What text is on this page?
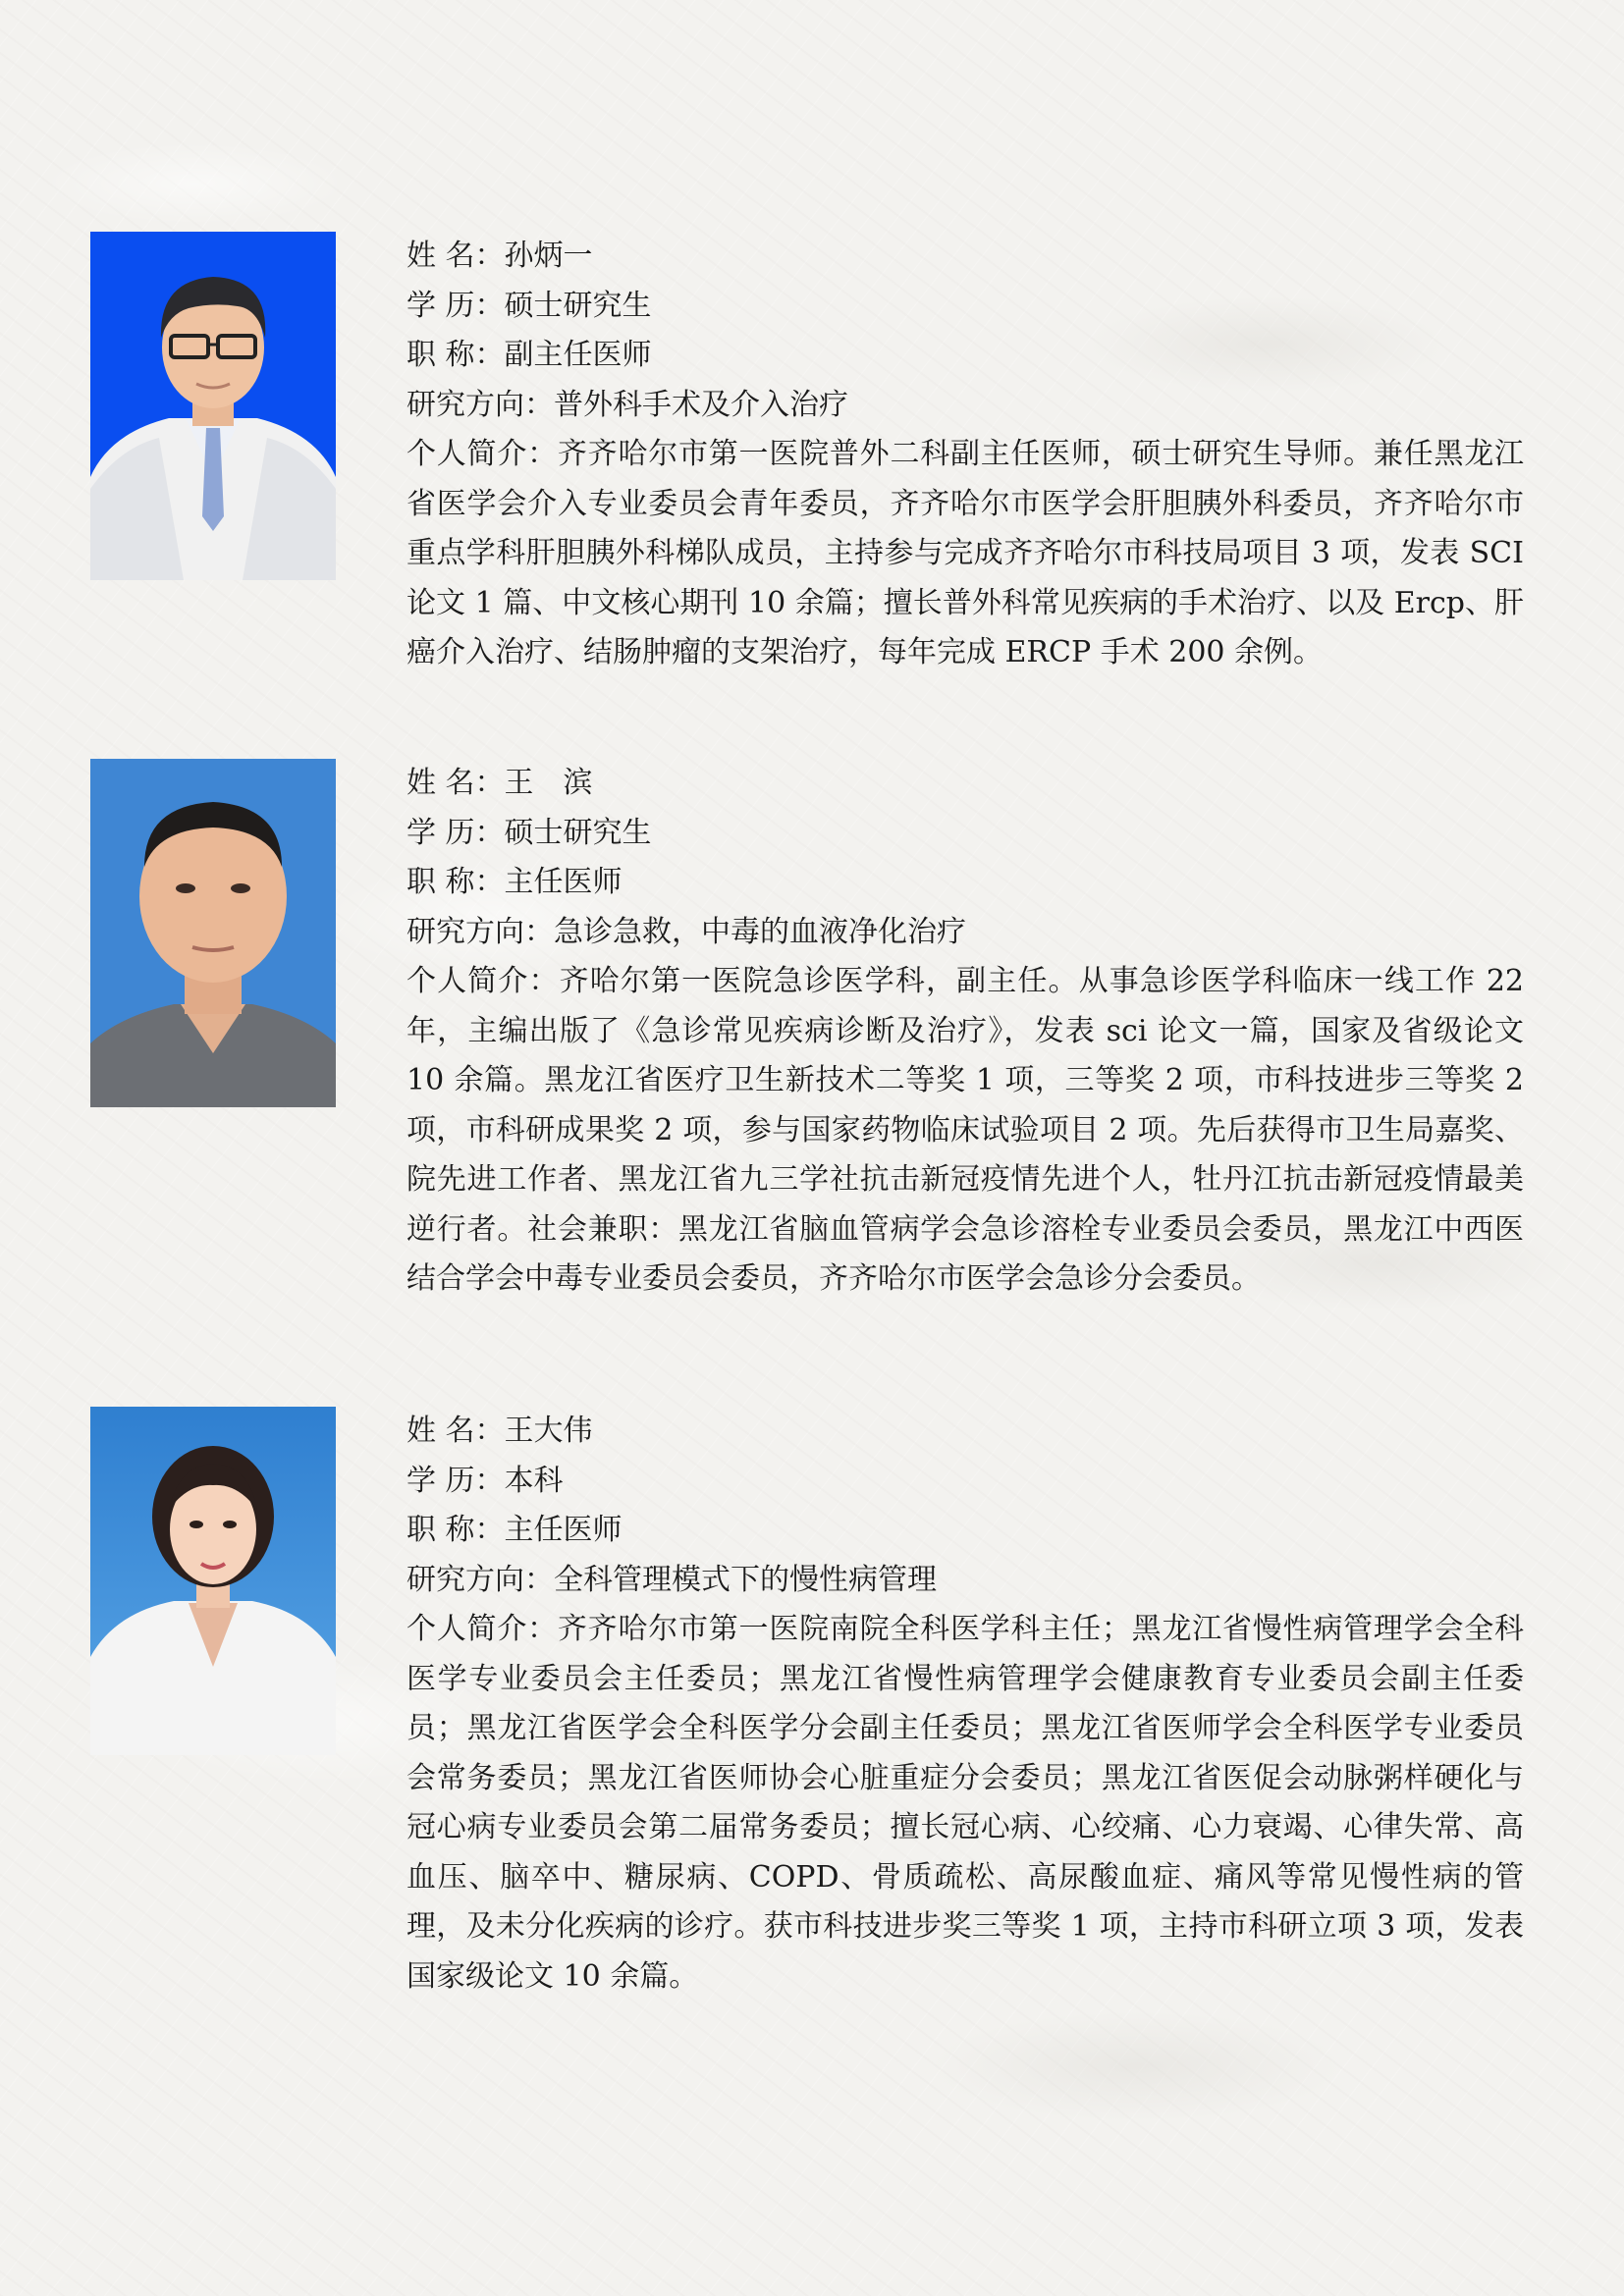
姓 名：孙炳一
学 历：硕士研究生
职 称：副主任医师
研究方向：普外科手术及介入治疗
个人简介：齐齐哈尔市第一医院普外二科副主任医师，硕士研究生导师。兼任黑龙江省医学会介入专业委员会青年委员，齐齐哈尔市医学会肝胆胰外科委员，齐齐哈尔市重点学科肝胆胰外科梯队成员，主持参与完成齐齐哈尔市科技局项目 3 项，发表 SCI 论文 1 篇、中文核心期刊 10 余篇；擅长普外科常见疾病的手术治疗、以及 Ercp、肝癌介入治疗、结肠肿瘤的支架治疗，每年完成 ERCP 手术 200 余例。
姓 名：王　滨
学 历：硕士研究生
职 称：主任医师
研究方向：急诊急救，中毒的血液净化治疗
个人简介：齐哈尔第一医院急诊医学科，副主任。从事急诊医学科临床一线工作 22 年，主编出版了《急诊常见疾病诊断及治疗》，发表 sci 论文一篇，国家及省级论文 10 余篇。黑龙江省医疗卫生新技术二等奖 1 项，三等奖 2 项，市科技进步三等奖 2 项，市科研成果奖 2 项，参与国家药物临床试验项目 2 项。先后获得市卫生局嘉奖、院先进工作者、黑龙江省九三学社抗击新冠疫情先进个人，牡丹江抗击新冠疫情最美逆行者。社会兼职：黑龙江省脑血管病学会急诊溶栓专业委员会委员，黑龙江中西医结合学会中毒专业委员会委员，齐齐哈尔市医学会急诊分会委员。
姓 名：王大伟
学 历：本科
职 称：主任医师
研究方向：全科管理模式下的慢性病管理
个人简介：齐齐哈尔市第一医院南院全科医学科主任；黑龙江省慢性病管理学会全科医学专业委员会主任委员；黑龙江省慢性病管理学会健康教育专业委员会副主任委员；黑龙江省医学会全科医学分会副主任委员；黑龙江省医师学会全科医学专业委员会常务委员；黑龙江省医师协会心脏重症分会委员；黑龙江省医促会动脉粥样硬化与冠心病专业委员会第二届常务委员；擅长冠心病、心绞痛、心力衰竭、心律失常、高血压、脑卒中、糖尿病、COPD、骨质疏松、高尿酸血症、痛风等常见慢性病的管理，及未分化疾病的诊疗。获市科技进步奖三等奖 1 项，主持市科研立项 3 项，发表国家级论文 10 余篇。
